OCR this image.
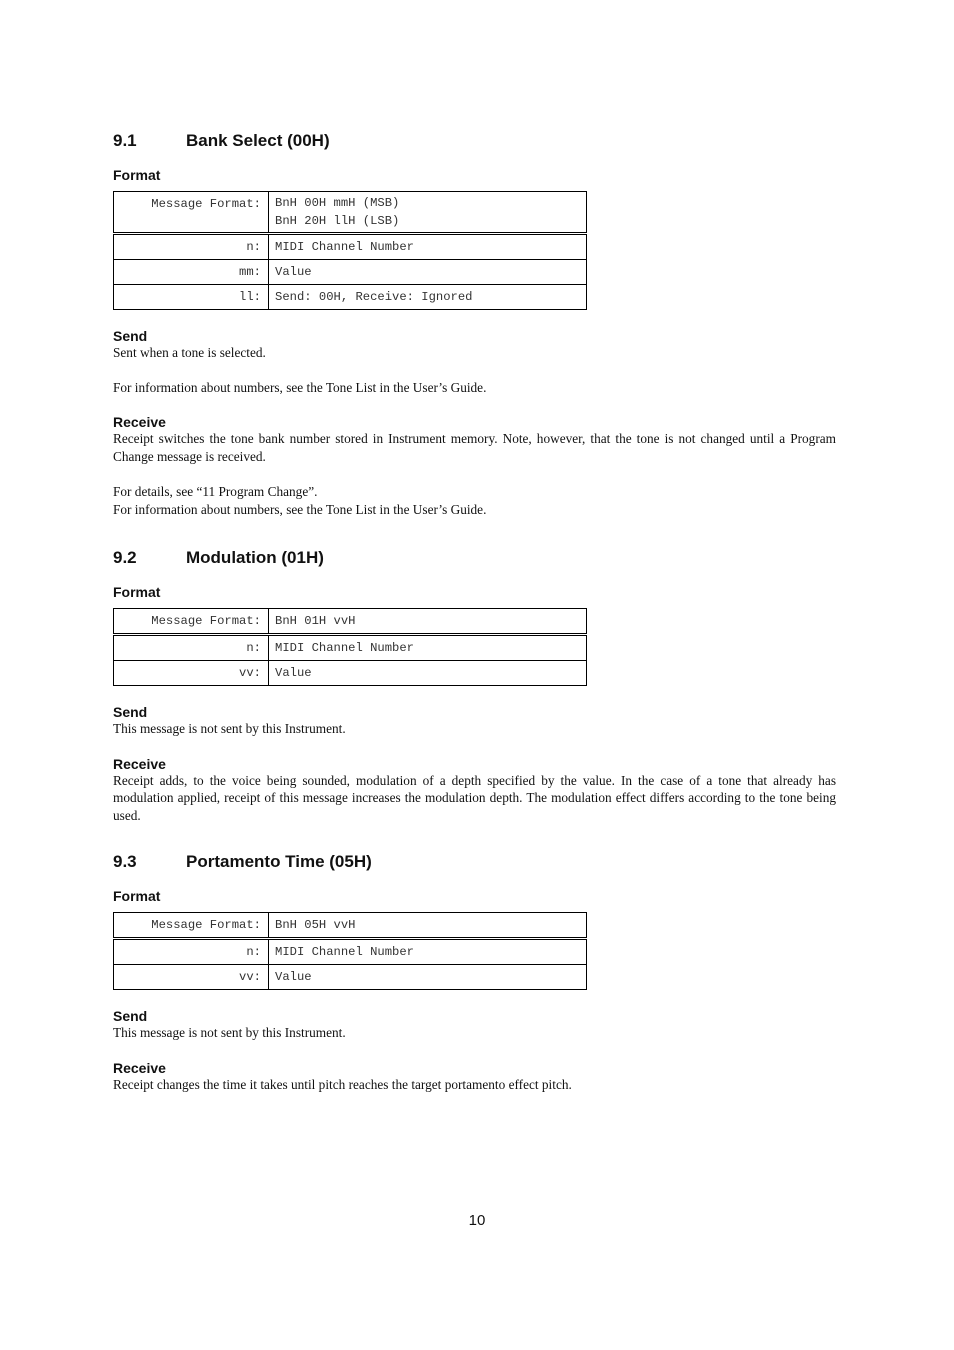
9.1	Bank Select (00H)

Format

Message Format:	BnH 00H mmH (MSB)
BnH 20H llH (LSB)

n:	MIDI Channel Number
mm:	Value
ll:	Send: 00H, Receive: Ignored

Send

Sent when a tone is selected.

For information about numbers, see the Tone List in the User’s Guide.

Receive

Receipt switches the tone bank number stored in Instrument memory. Note, however, that the tone is not changed until a Program Change message is received.

For details, see “11 Program Change”.

For information about numbers, see the Tone List in the User’s Guide.

9.2	Modulation (01H)

Format

Message Format:	BnH 01H vvH
n:	MIDI Channel Number
vv:	Value

Send

This message is not sent by this Instrument.

Receive

Receipt adds, to the voice being sounded, modulation of a depth specified by the value. In the case of a tone that already has modulation applied, receipt of this message increases the modulation depth. The modulation effect differs according to the tone being used.

9.3	Portamento Time (05H)

Format

Message Format:	BnH 05H vvH
n:	MIDI Channel Number
vv:	Value

Send

This message is not sent by this Instrument.

Receive

Receipt changes the time it takes until pitch reaches the target portamento effect pitch.

10
